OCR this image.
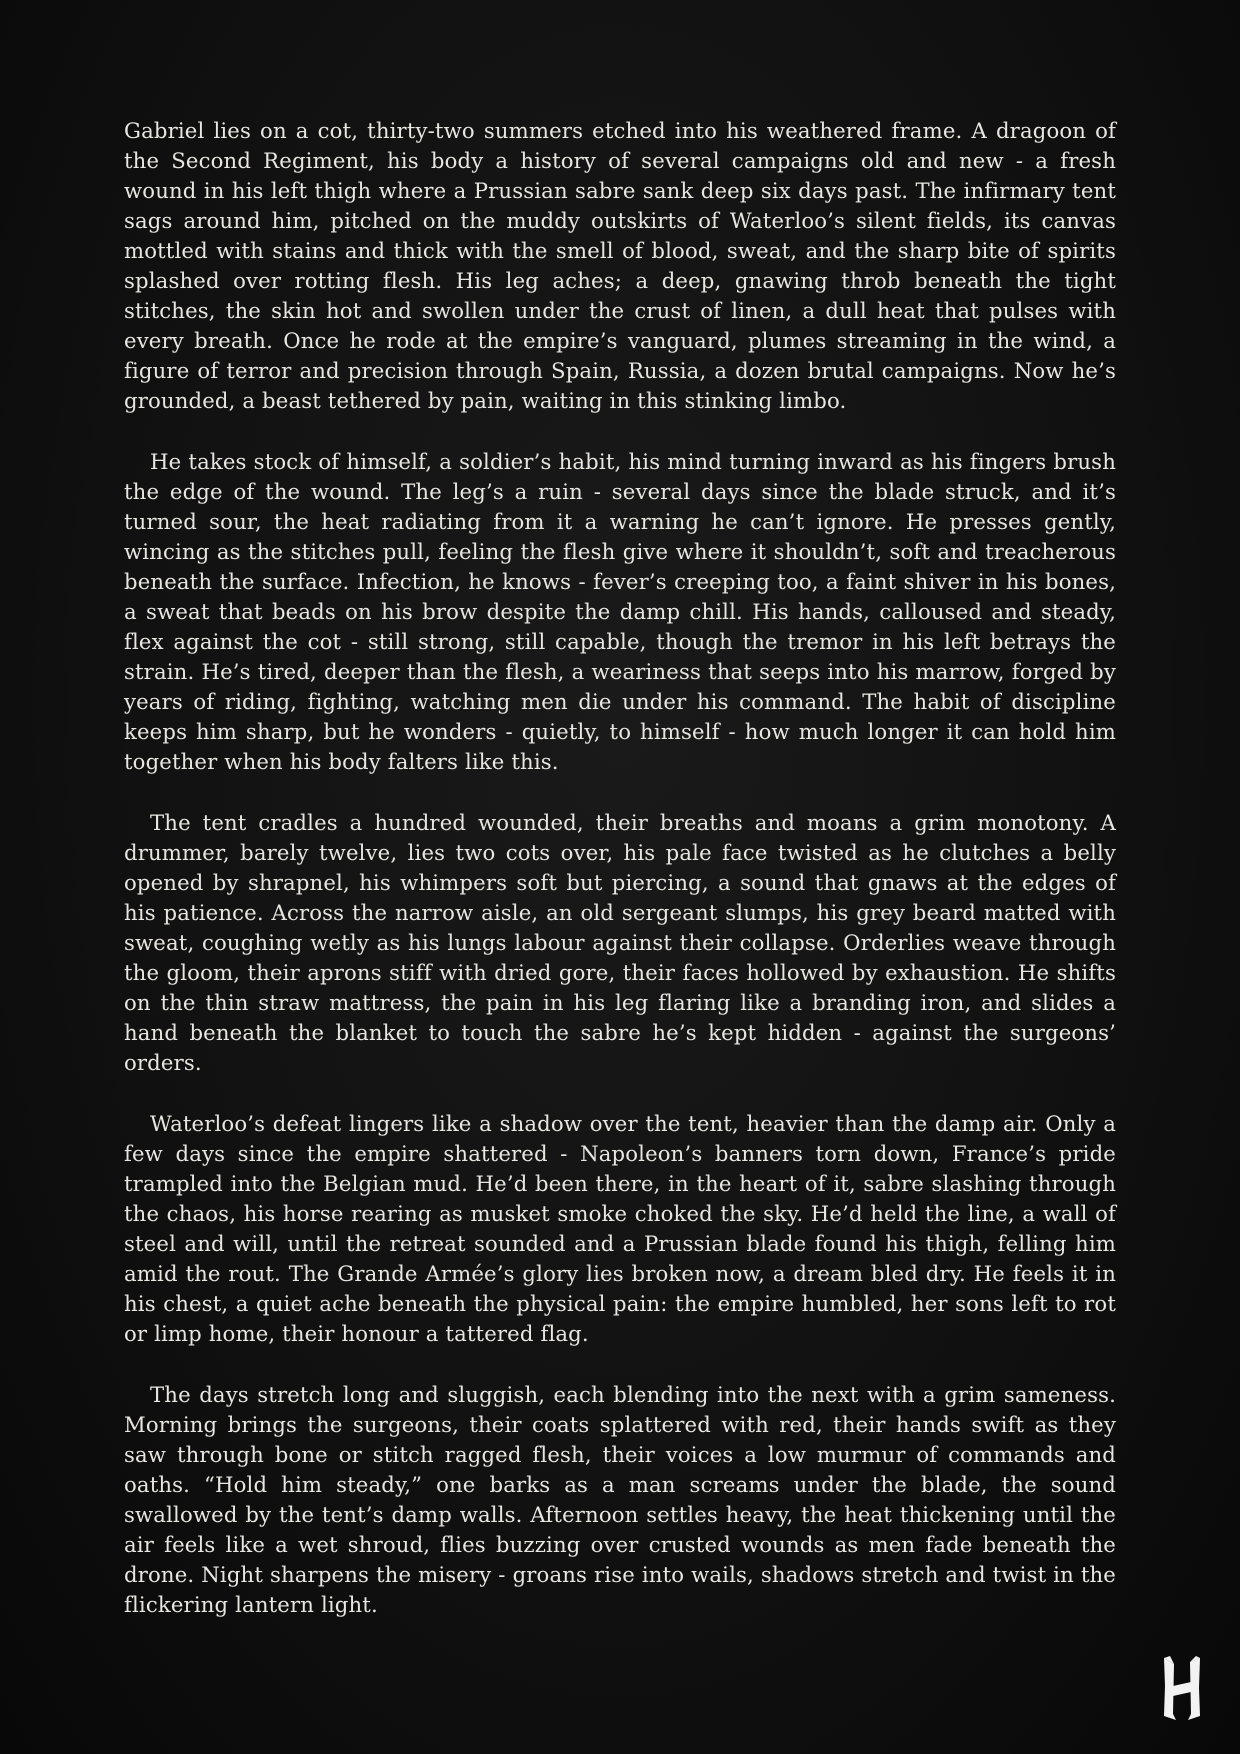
Gabriel lies on a cot, thirty-two summers etched into his weathered frame. A dragoon of the Second Regiment, his body a history of several campaigns old and new - a fresh wound in his left thigh where a Prussian sabre sank deep six days past. The infirmary tent sags around him, pitched on the muddy outskirts of Waterloo’s silent fields, its canvas mottled with stains and thick with the smell of blood, sweat, and the sharp bite of spirits splashed over rotting flesh. His leg aches; a deep, gnawing throb beneath the tight stitches, the skin hot and swollen under the crust of linen, a dull heat that pulses with every breath. Once he rode at the empire’s vanguard, plumes streaming in the wind, a figure of terror and precision through Spain, Russia, a dozen brutal campaigns. Now he’s grounded, a beast tethered by pain, waiting in this stinking limbo.

He takes stock of himself, a soldier’s habit, his mind turning inward as his fingers brush the edge of the wound. The leg’s a ruin - several days since the blade struck, and it’s turned sour, the heat radiating from it a warning he can’t ignore. He presses gently, wincing as the stitches pull, feeling the flesh give where it shouldn’t, soft and treacherous beneath the surface. Infection, he knows - fever’s creeping too, a faint shiver in his bones, a sweat that beads on his brow despite the damp chill. His hands, calloused and steady, flex against the cot - still strong, still capable, though the tremor in his left betrays the strain. He’s tired, deeper than the flesh, a weariness that seeps into his marrow, forged by years of riding, fighting, watching men die under his command. The habit of discipline keeps him sharp, but he wonders - quietly, to himself - how much longer it can hold him together when his body falters like this.

The tent cradles a hundred wounded, their breaths and moans a grim monotony. A drummer, barely twelve, lies two cots over, his pale face twisted as he clutches a belly opened by shrapnel, his whimpers soft but piercing, a sound that gnaws at the edges of his patience. Across the narrow aisle, an old sergeant slumps, his grey beard matted with sweat, coughing wetly as his lungs labour against their collapse. Orderlies weave through the gloom, their aprons stiff with dried gore, their faces hollowed by exhaustion. He shifts on the thin straw mattress, the pain in his leg flaring like a branding iron, and slides a hand beneath the blanket to touch the sabre he’s kept hidden - against the surgeons’ orders.

Waterloo’s defeat lingers like a shadow over the tent, heavier than the damp air. Only a few days since the empire shattered - Napoleon’s banners torn down, France’s pride trampled into the Belgian mud. He’d been there, in the heart of it, sabre slashing through the chaos, his horse rearing as musket smoke choked the sky. He’d held the line, a wall of steel and will, until the retreat sounded and a Prussian blade found his thigh, felling him amid the rout. The Grande Armée’s glory lies broken now, a dream bled dry. He feels it in his chest, a quiet ache beneath the physical pain: the empire humbled, her sons left to rot or limp home, their honour a tattered flag.

The days stretch long and sluggish, each blending into the next with a grim sameness. Morning brings the surgeons, their coats splattered with red, their hands swift as they saw through bone or stitch ragged flesh, their voices a low murmur of commands and oaths. “Hold him steady,” one barks as a man screams under the blade, the sound swallowed by the tent’s damp walls. Afternoon settles heavy, the heat thickening until the air feels like a wet shroud, flies buzzing over crusted wounds as men fade beneath the drone. Night sharpens the misery - groans rise into wails, shadows stretch and twist in the flickering lantern light.
